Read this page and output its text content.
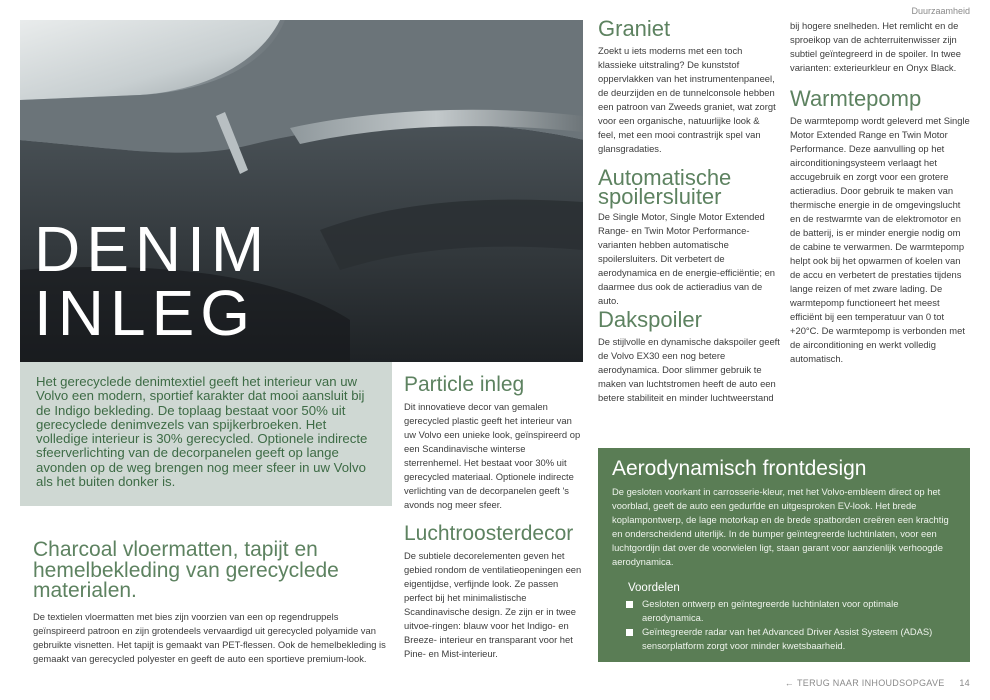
Duurzaamheid
DENIM
INLEG
Het gerecyclede denimtextiel geeft het interieur van uw Volvo een modern, sportief karakter dat mooi aansluit bij de Indigo bekleding. De toplaag bestaat voor 50% uit gerecyclede denimvezels van spijkerbroeken. Het volledige interieur is 30% gerecycled. Optionele indirecte sfeerverlichting van de decorpanelen geeft op lange avonden op de weg brengen nog meer sfeer in uw Volvo als het buiten donker is.
Charcoal vloermatten, tapijt en hemelbekleding van gerecyclede materialen.
De textielen vloermatten met bies zijn voorzien van een op regendruppels geïnspireerd patroon en zijn grotendeels vervaardigd uit gerecycled polyamide van gebruikte visnetten. Het tapijt is gemaakt van PET-flessen. Ook de hemelbekleding is gemaakt van gerecycled polyester en geeft de auto een sportieve premium-look.
Particle inleg
Dit innovatieve decor van gemalen gerecycled plastic geeft het interieur van uw Volvo een unieke look, geïnspireerd op een Scandinavische winterse sterrenhemel. Het bestaat voor 30% uit gerecycled materiaal. Optionele indirecte verlichting van de decorpanelen geeft 's avonds nog meer sfeer.
Luchtroosterdecor
De subtiele decorelementen geven het gebied rondom de ventilatieopeningen een eigentijdse, verfijnde look. Ze passen perfect bij het minimalistische Scandinavische design. Ze zijn er in twee uitvoe-ringen: blauw voor het Indigo- en Breeze- interieur en transparant voor het Pine- en Mist-interieur.
Graniet
Zoekt u iets moderns met een toch klassieke uitstraling? De kunststof oppervlakken van het instrumentenpaneel, de deurzijden en de tunnelconsole hebben een patroon van Zweeds graniet, wat zorgt voor een organische, natuurlijke look & feel, met een mooi contrastrijk spel van glansgradaties.
Automatische
spoilersluiter
De Single Motor, Single Motor Extended Range- en Twin Motor Performance-varianten hebben automatische spoilersluiters. Dit verbetert de aerodynamica en de energie-efficiëntie; en daarmee dus ook de actieradius van de auto.
Dakspoiler
De stijlvolle en dynamische dakspoiler geeft de Volvo EX30 een nog betere aerodynamica. Door slimmer gebruik te maken van luchtstromen heeft de auto een betere stabiliteit en minder luchtweerstand
bij hogere snelheden. Het remlicht en de sproeikop van de achterruitenwisser zijn subtiel geïntegreerd in de spoiler. In twee varianten: exterieurkleur en Onyx Black.
Warmtepomp
De warmtepomp wordt geleverd met Single Motor Extended Range en Twin Motor Performance. Deze aanvulling op het airconditioningsysteem verlaagt het accugebruik en zorgt voor een grotere actieradius. Door gebruik te maken van thermische energie in de omgevingslucht en de restwarmte van de elektromotor en de batterij, is er minder energie nodig om de cabine te verwarmen. De warmtepomp helpt ook bij het opwarmen of koelen van de accu en verbetert de prestaties tijdens lange reizen of met zware lading. De warmtepomp functioneert het meest efficiënt bij een temperatuur van 0 tot +20°C. De warmtepomp is verbonden met de airconditioning en werkt volledig automatisch.
Aerodynamisch frontdesign
De gesloten voorkant in carrosserie-kleur, met het Volvo-embleem direct op het voorblad, geeft de auto een gedurfde en uitgesproken EV-look. Het brede koplampontwerp, de lage motorkap en de brede spatborden creëren een krachtig en onderscheidend uiterlijk. In de bumper geïntegreerde luchtinlaten, voor een luchtgordijn dat over de voorwielen ligt, staan garant voor aanzienlijk verhoogde aerodynamica.
Voordelen
Gesloten ontwerp en geïntegreerde luchtinlaten voor optimale aerodynamica.
Geïntegreerde radar van het Advanced Driver Assist Systeem (ADAS) sensorplatform zorgt voor minder kwetsbaarheid.
← TERUG NAAR INHOUDSOPGAVE 14
